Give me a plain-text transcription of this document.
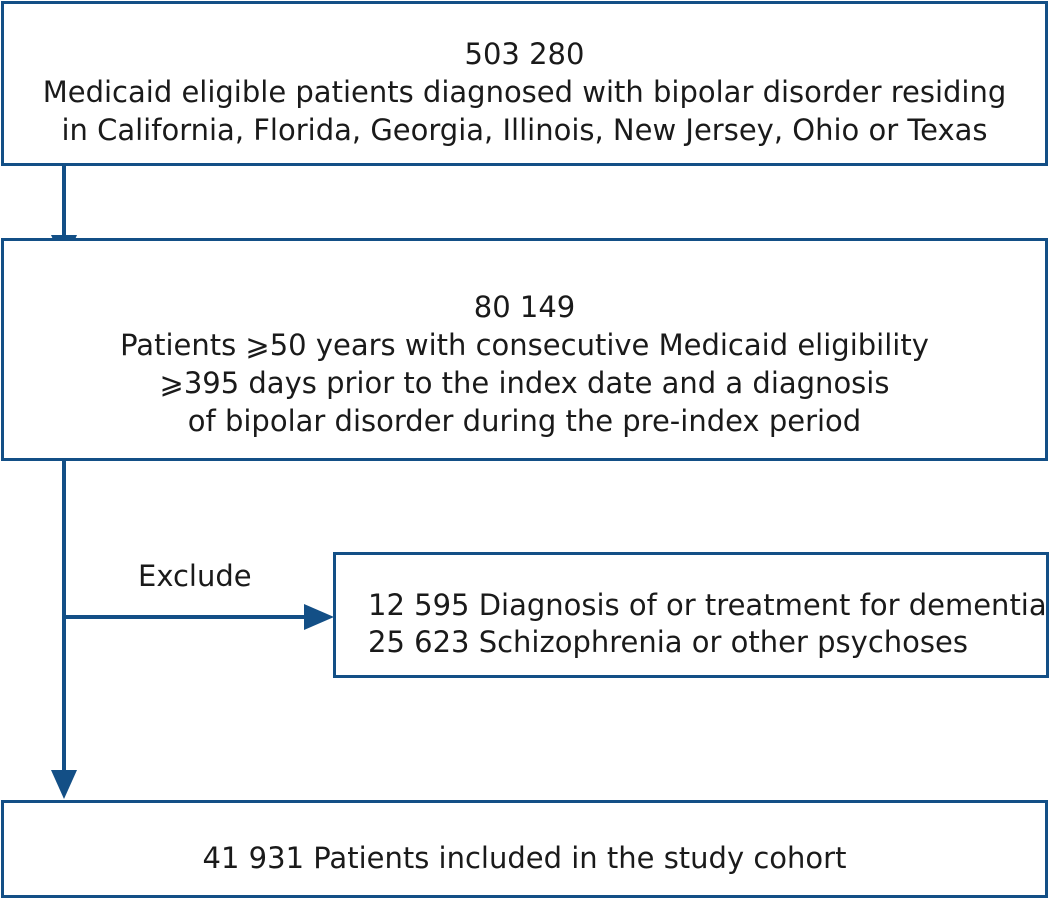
503 280
Medicaid eligible patients diagnosed with bipolar disorder residing
in California, Florida, Georgia, Illinois, New Jersey, Ohio or Texas
80 149
Patients ⩾50 years with consecutive Medicaid eligibility
⩾395 days prior to the index date and a diagnosis
of bipolar disorder during the pre-index period
Exclude
12 595 Diagnosis of or treatment for dementia
25 623 Schizophrenia or other psychoses
41 931 Patients included in the study cohort
